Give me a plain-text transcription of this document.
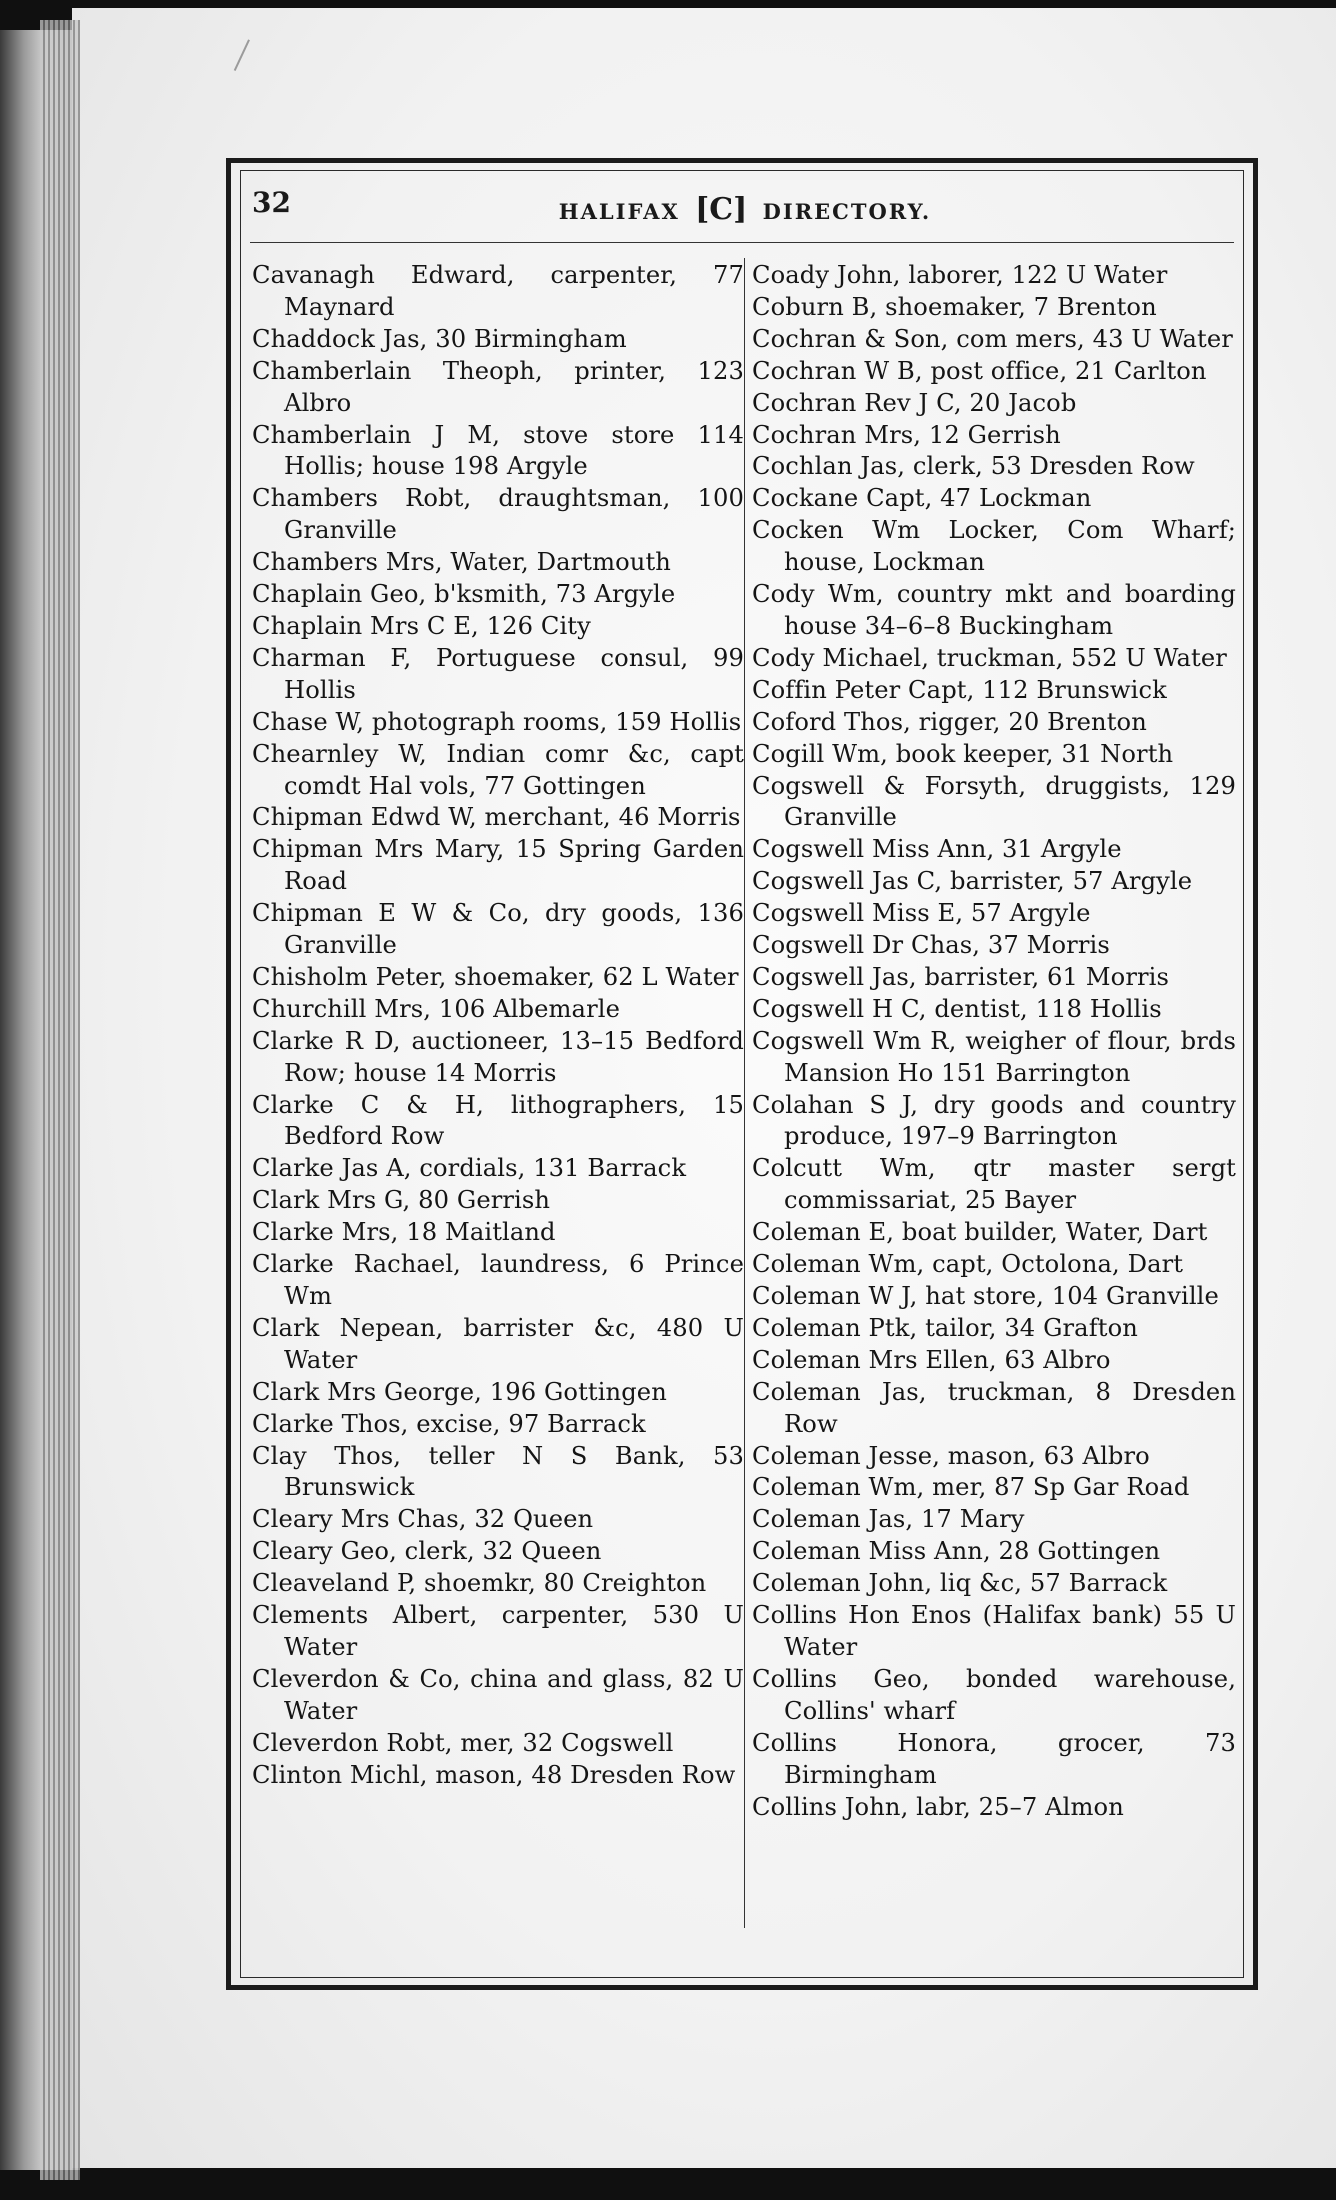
32	HALIFAX [C] DIRECTORY.

Cavanagh Edward, carpenter, 77 Maynard

Chaddock Jas, 30 Birmingham

Chamberlain Theoph, printer, 123 Albro

Chamberlain J M, stove store 114 Hollis; house 198 Argyle

Chambers Robt, draughtsman, 100 Granville

Chambers Mrs, Water, Dartmouth

Chaplain Geo, b'ksmith, 73 Argyle

Chaplain Mrs C E, 126 City

Charman F, Portuguese consul, 99 Hollis

Chase W, photograph rooms, 159 Hollis

Chearnley W, Indian comr &c, capt comdt Hal vols, 77 Gottingen

Chipman Edwd W, merchant, 46 Morris

Chipman Mrs Mary, 15 Spring Garden Road

Chipman E W & Co, dry goods, 136 Granville

Chisholm Peter, shoemaker, 62 L Water

Churchill Mrs, 106 Albemarle

Clarke R D, auctioneer, 13–15 Bedford Row; house 14 Morris

Clarke C & H, lithographers, 15 Bedford Row

Clarke Jas A, cordials, 131 Barrack

Clark Mrs G, 80 Gerrish

Clarke Mrs, 18 Maitland

Clarke Rachael, laundress, 6 Prince Wm

Clark Nepean, barrister &c, 480 U Water

Clark Mrs George, 196 Gottingen

Clarke Thos, excise, 97 Barrack

Clay Thos, teller N S Bank, 53 Brunswick

Cleary Mrs Chas, 32 Queen

Cleary Geo, clerk, 32 Queen

Cleaveland P, shoemkr, 80 Creighton

Clements Albert, carpenter, 530 U Water

Cleverdon & Co, china and glass, 82 U Water

Cleverdon Robt, mer, 32 Cogswell

Clinton Michl, mason, 48 Dresden Row

Coady John, laborer, 122 U Water

Coburn B, shoemaker, 7 Brenton

Cochran & Son, com mers, 43 U Water

Cochran W B, post office, 21 Carlton

Cochran Rev J C, 20 Jacob

Cochran Mrs, 12 Gerrish

Cochlan Jas, clerk, 53 Dresden Row

Cockane Capt, 47 Lockman

Cocken Wm Locker, Com Wharf; house, Lockman

Cody Wm, country mkt and boarding house 34–6–8 Buckingham

Cody Michael, truckman, 552 U Water

Coffin Peter Capt, 112 Brunswick

Coford Thos, rigger, 20 Brenton

Cogill Wm, book keeper, 31 North

Cogswell & Forsyth, druggists, 129 Granville

Cogswell Miss Ann, 31 Argyle

Cogswell Jas C, barrister, 57 Argyle

Cogswell Miss E, 57 Argyle

Cogswell Dr Chas, 37 Morris

Cogswell Jas, barrister, 61 Morris

Cogswell H C, dentist, 118 Hollis

Cogswell Wm R, weigher of flour, brds Mansion Ho 151 Barrington

Colahan S J, dry goods and country produce, 197–9 Barrington

Colcutt Wm, qtr master sergt commissariat, 25 Bayer

Coleman E, boat builder, Water, Dart

Coleman Wm, capt, Octolona, Dart

Coleman W J, hat store, 104 Granville

Coleman Ptk, tailor, 34 Grafton

Coleman Mrs Ellen, 63 Albro

Coleman Jas, truckman, 8 Dresden Row

Coleman Jesse, mason, 63 Albro

Coleman Wm, mer, 87 Sp Gar Road

Coleman Jas, 17 Mary

Coleman Miss Ann, 28 Gottingen

Coleman John, liq &c, 57 Barrack

Collins Hon Enos (Halifax bank) 55 U Water

Collins Geo, bonded warehouse, Collins' wharf

Collins Honora, grocer, 73 Birmingham

Collins John, labr, 25–7 Almon
